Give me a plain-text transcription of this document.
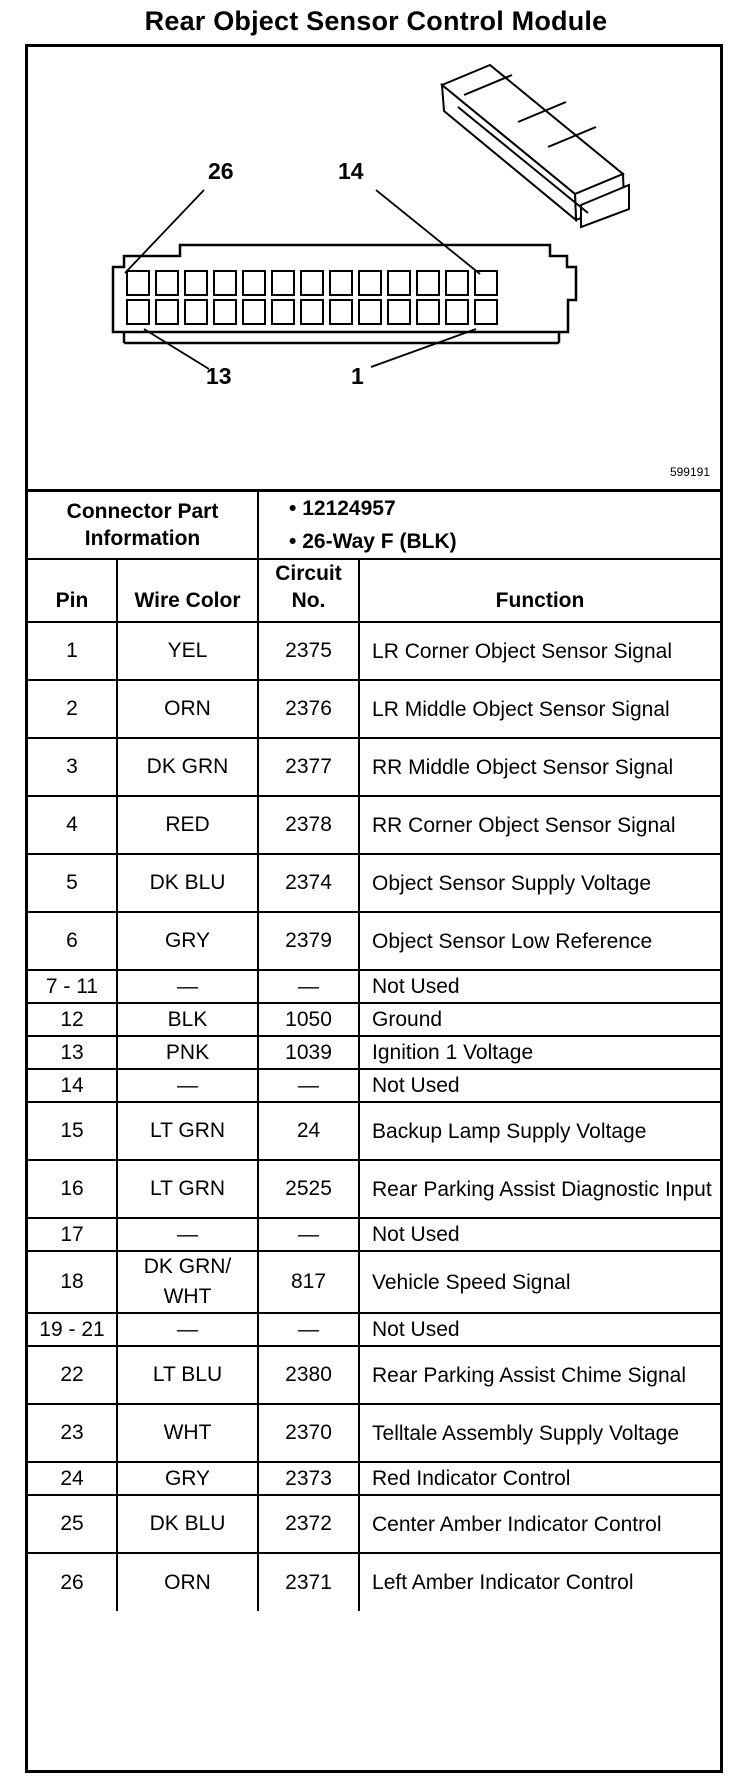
Rear Object Sensor Control Module
26	14
13	1
599191
Connector Part Information		• 12124957
• 26-Way F (BLK)	

Pin	Wire Color	Circuit No.	Function
1	YEL	2375	LR Corner Object Sensor Signal
2	ORN	2376	LR Middle Object Sensor Signal
3	DK GRN	2377	RR Middle Object Sensor Signal
4	RED	2378	RR Corner Object Sensor Signal
5	DK BLU	2374	Object Sensor Supply Voltage
6	GRY	2379	Object Sensor Low Reference
7 - 11	—	—	Not Used
12	BLK	1050	Ground
13	PNK	1039	Ignition 1 Voltage
14	—	—	Not Used
15	LT GRN	24	Backup Lamp Supply Voltage
16	LT GRN	2525	Rear Parking Assist Diagnostic Input
17	—	—	Not Used
18	DK GRN/ WHT	817	Vehicle Speed Signal
19 - 21	—	—	Not Used
22	LT BLU	2380	Rear Parking Assist Chime Signal
23	WHT	2370	Telltale Assembly Supply Voltage
24	GRY	2373	Red Indicator Control
25	DK BLU	2372	Center Amber Indicator Control
26	ORN	2371	Left Amber Indicator Control
